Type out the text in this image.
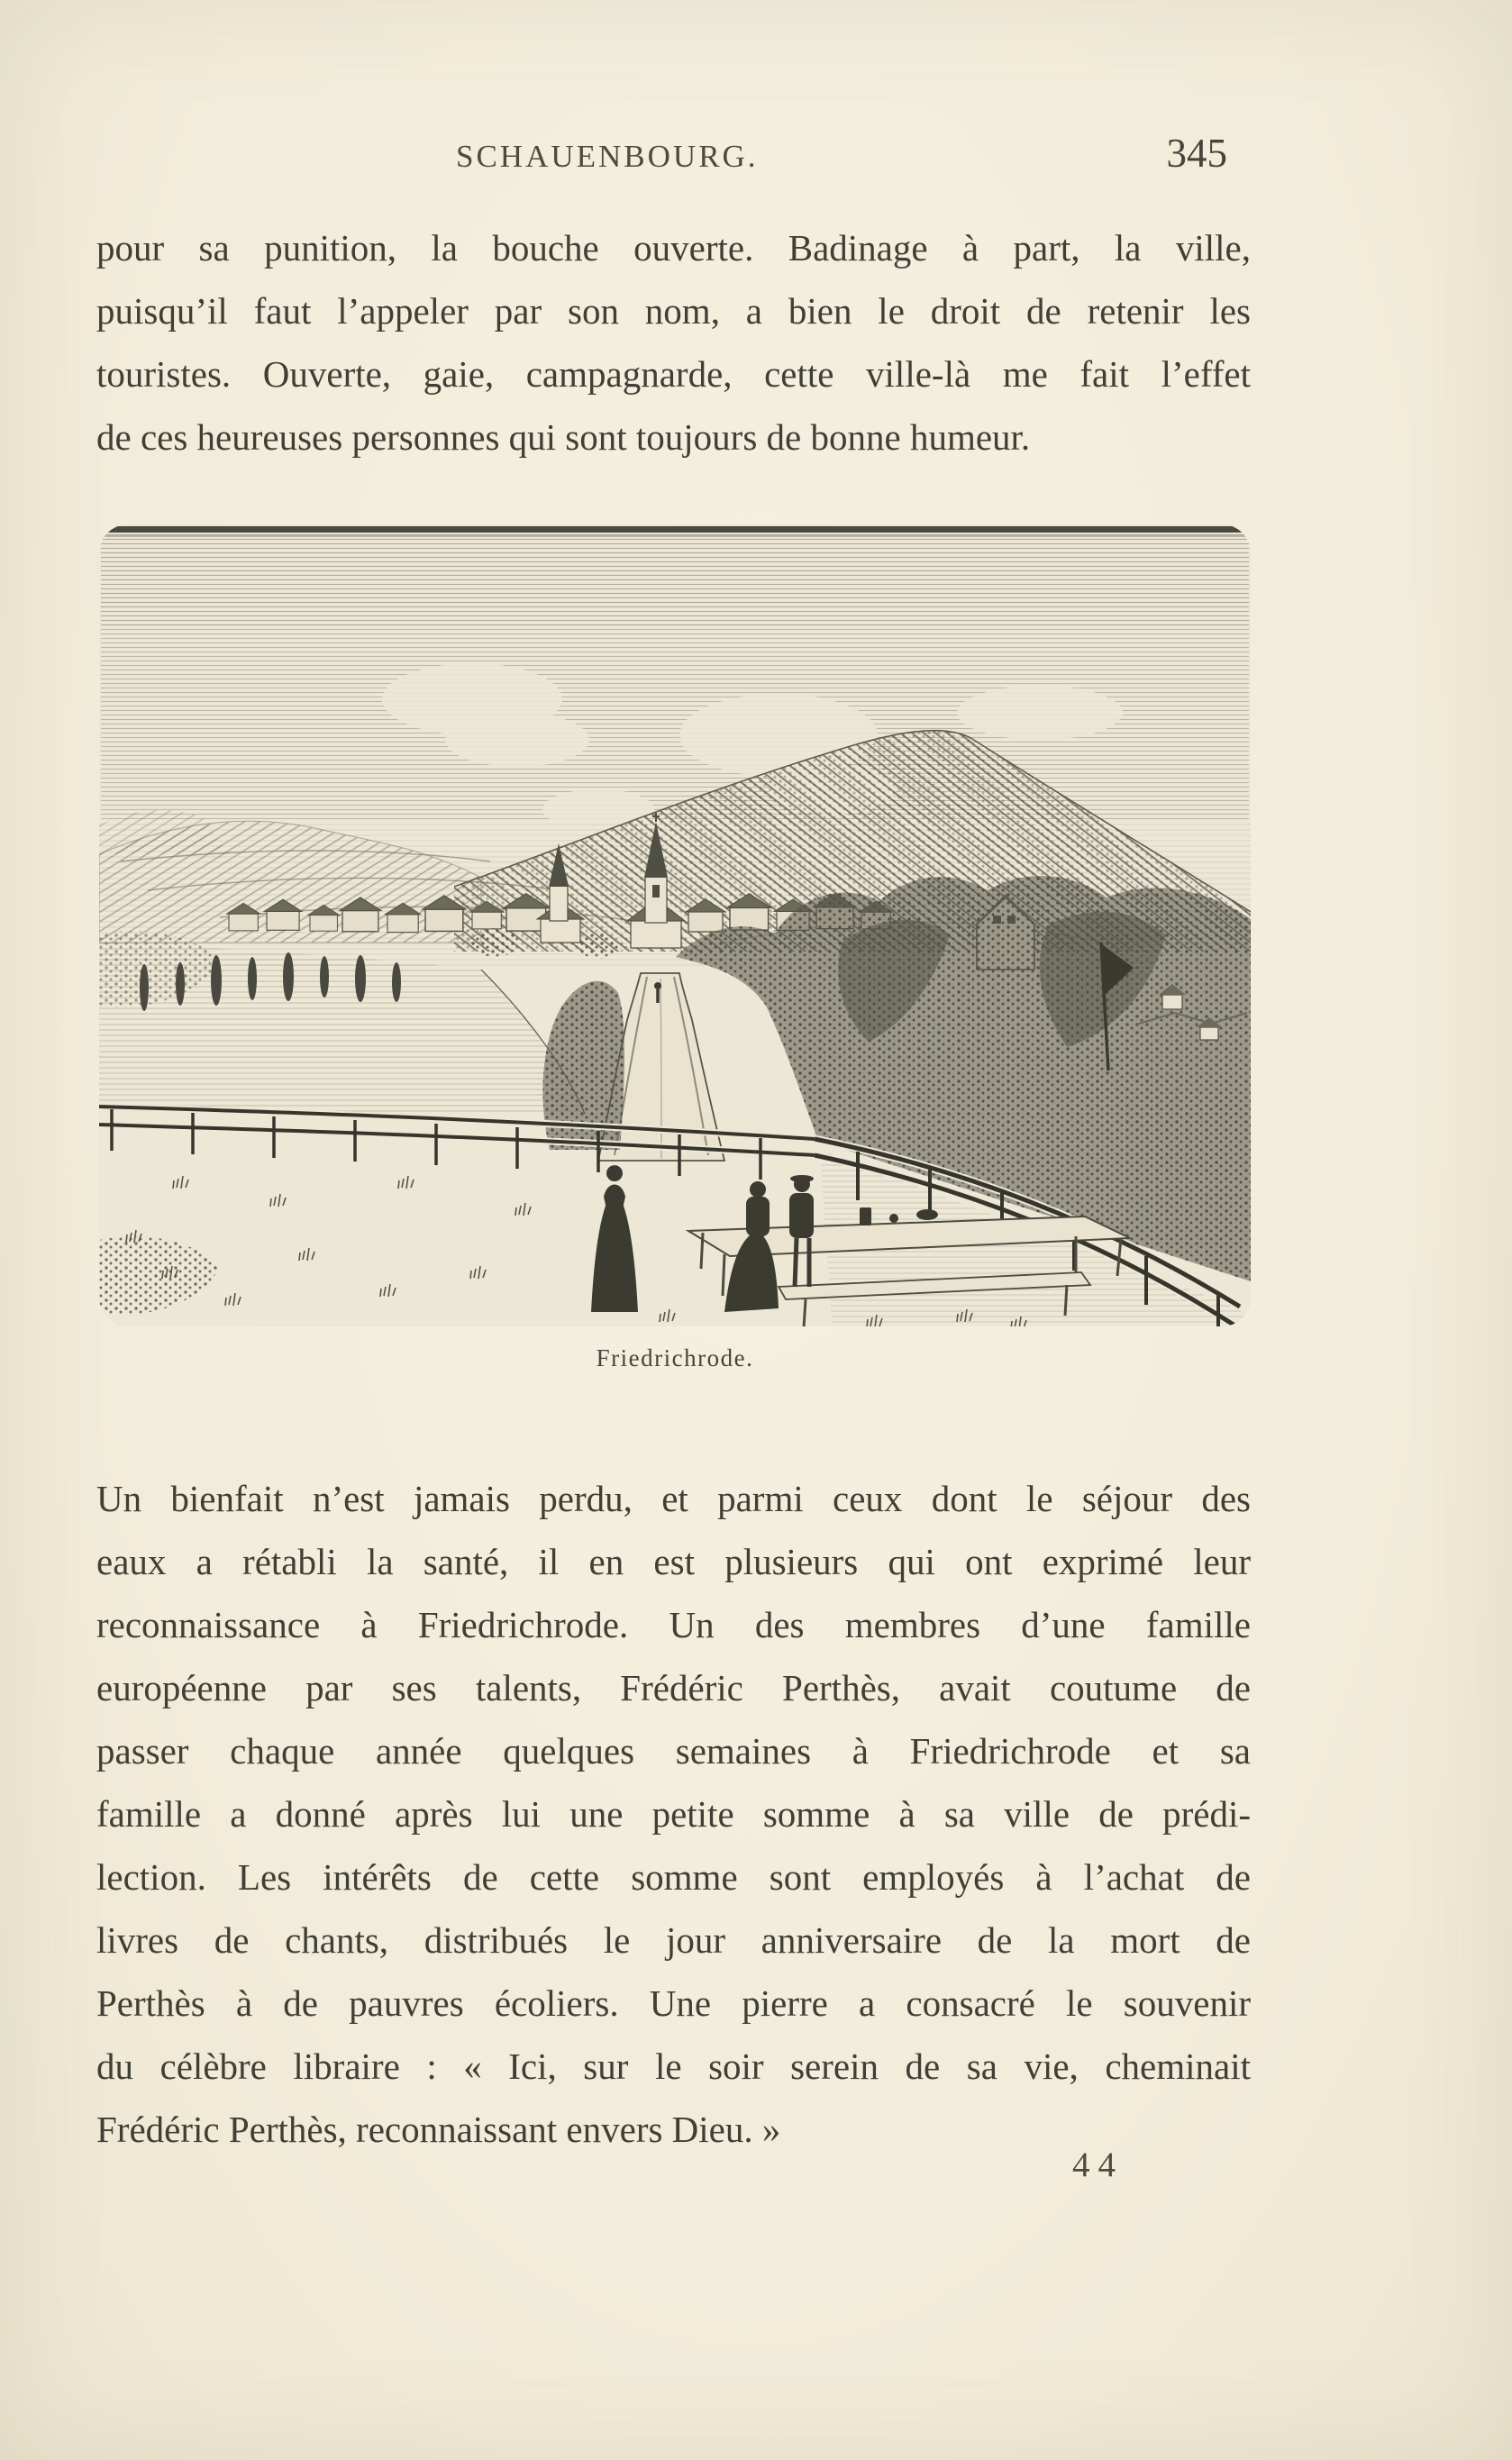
SCHAUENBOURG.	345
pour sa punition, la bouche ouverte. Badinage à part, la ville,
puisqu’il faut l’appeler par son nom, a bien le droit de retenir les
touristes. Ouverte, gaie, campagnarde, cette ville-là me fait l’effet
de ces heureuses personnes qui sont toujours de bonne humeur.
Friedrichrode.
Un bienfait n’est jamais perdu, et parmi ceux dont le séjour des
eaux a rétabli la santé, il en est plusieurs qui ont exprimé leur
reconnaissance à Friedrichrode. Un des membres d’une famille
européenne par ses talents, Frédéric Perthès, avait coutume de
passer chaque année quelques semaines à Friedrichrode et sa
famille a donné après lui une petite somme à sa ville de prédi-
lection. Les intérêts de cette somme sont employés à l’achat de
livres de chants, distribués le jour anniversaire de la mort de
Perthès à de pauvres écoliers. Une pierre a consacré le souvenir
du célèbre libraire : « Ici, sur le soir serein de sa vie, cheminait
Frédéric Perthès, reconnaissant envers Dieu. »
44
